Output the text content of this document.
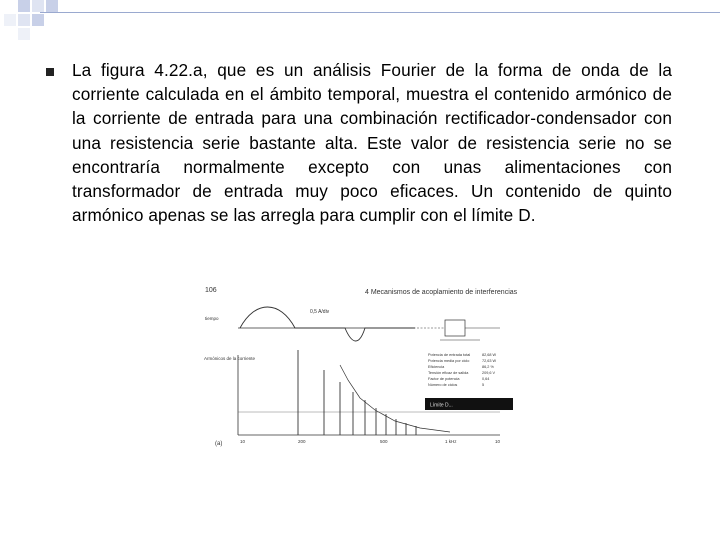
La figura 4.22.a, que es un análisis Fourier de la forma de onda de la corriente calculada en el ámbito temporal, muestra el contenido armónico de la corriente de entrada para una combinación rectificador-condensador con una resistencia serie bastante alta. Este valor de resistencia serie no se encontraría normalmente excepto con unas alimentaciones con transformador de entrada muy poco eficaces. Un contenido de quinto armónico apenas se las arregla para cumplir con el límite D.
106	4 Mecanismos de acoplamiento de interferencias
0,5 A/div
tiempo
Armónicos de la corriente
Potencia de entrada total	82,68 W
Potencia media por ciclo	72,63 W
Eficiencia	86,2 %
Tensión eficaz de salida	209,6 V
Factor de potencia	0,64
Número de ciclos	5
Límite D...
10	200	500	1 kHz	10
(a)
